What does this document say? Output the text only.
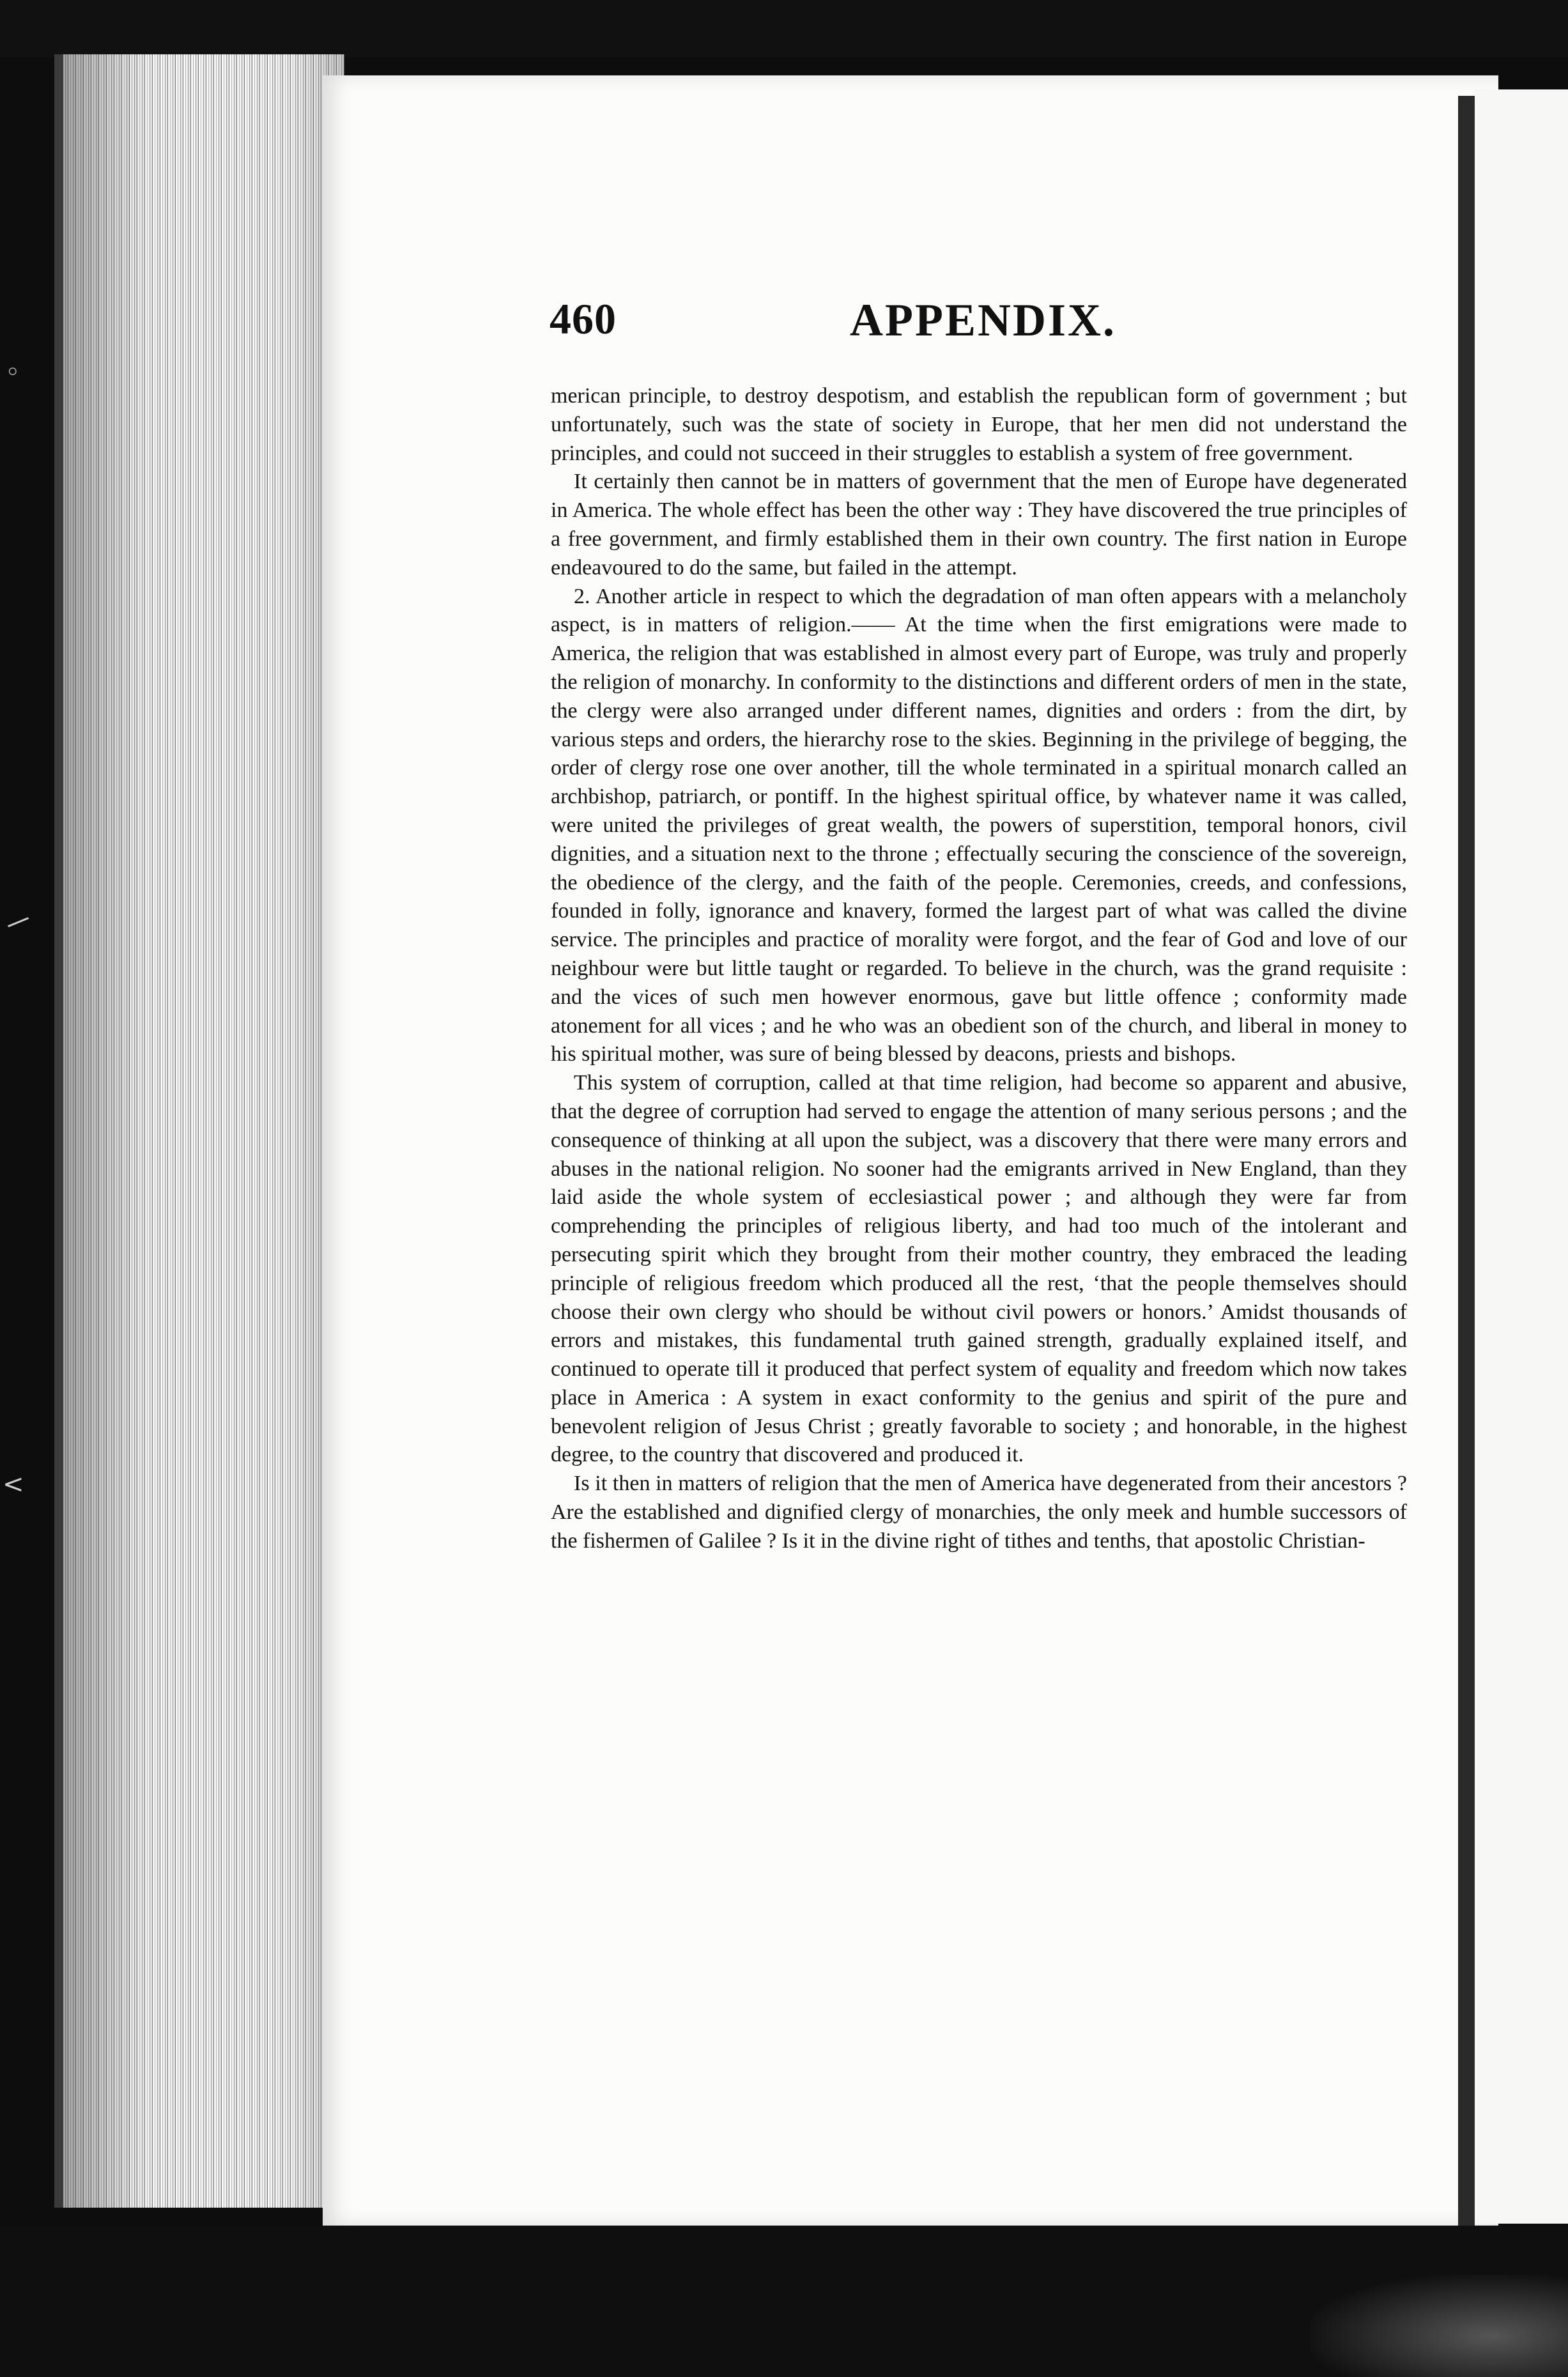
◦
/
<
460	APPENDIX.

merican principle, to destroy despotism, and establish the republican form of government ; but unfortunately, such was the state of society in Europe, that her men did not understand the principles, and could not succeed in their struggles to establish a system of free government.

It certainly then cannot be in matters of government that the men of Europe have degenerated in America. The whole effect has been the other way : They have discovered the true principles of a free government, and firmly established them in their own country. The first nation in Europe endeavoured to do the same, but failed in the attempt.

2. Another article in respect to which the degradation of man often appears with a melancholy aspect, is in matters of religion.—— At the time when the first emigrations were made to America, the religion that was established in almost every part of Europe, was truly and properly the religion of monarchy. In conformity to the distinctions and different orders of men in the state, the clergy were also arranged under different names, dignities and orders : from the dirt, by various steps and orders, the hierarchy rose to the skies. Beginning in the privilege of begging, the order of clergy rose one over another, till the whole terminated in a spiritual monarch called an archbishop, patriarch, or pontiff. In the highest spiritual office, by whatever name it was called, were united the privileges of great wealth, the powers of superstition, temporal honors, civil dignities, and a situation next to the throne ; effectually securing the conscience of the sovereign, the obedience of the clergy, and the faith of the people. Ceremonies, creeds, and confessions, founded in folly, ignorance and knavery, formed the largest part of what was called the divine service. The principles and practice of morality were forgot, and the fear of God and love of our neighbour were but little taught or regarded. To believe in the church, was the grand requisite : and the vices of such men however enormous, gave but little offence ; conformity made atonement for all vices ; and he who was an obedient son of the church, and liberal in money to his spiritual mother, was sure of being blessed by deacons, priests and bishops.

This system of corruption, called at that time religion, had become so apparent and abusive, that the degree of corruption had served to engage the attention of many serious persons ; and the consequence of thinking at all upon the subject, was a discovery that there were many errors and abuses in the national religion. No sooner had the emigrants arrived in New England, than they laid aside the whole system of ecclesiastical power ; and although they were far from comprehending the principles of religious liberty, and had too much of the intolerant and persecuting spirit which they brought from their mother country, they embraced the leading principle of religious freedom which produced all the rest, ‘that the people themselves should choose their own clergy who should be without civil powers or honors.’ Amidst thousands of errors and mistakes, this fundamental truth gained strength, gradually explained itself, and continued to operate till it produced that perfect system of equality and freedom which now takes place in America : A system in exact conformity to the genius and spirit of the pure and benevolent religion of Jesus Christ ; greatly favorable to society ; and honorable, in the highest degree, to the country that discovered and produced it.

Is it then in matters of religion that the men of America have degenerated from their ancestors ? Are the established and dignified clergy of monarchies, the only meek and humble successors of the fishermen of Galilee ? Is it in the divine right of tithes and tenths, that apostolic Christian-
